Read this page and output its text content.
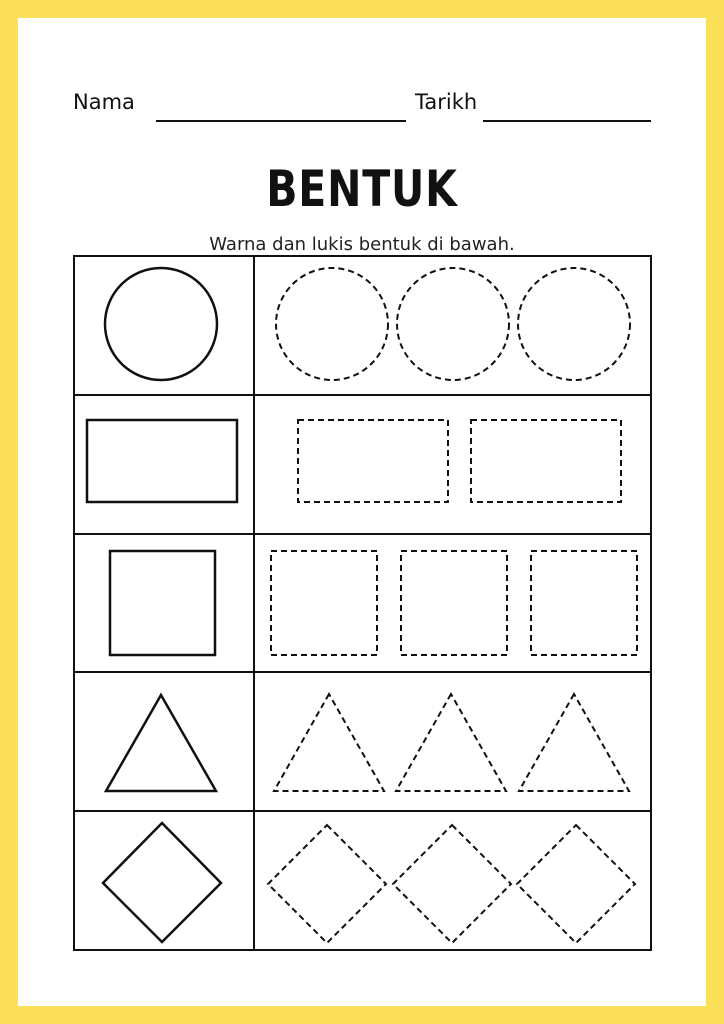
Nama	Tarikh
BENTUK
Warna dan lukis bentuk di bawah.
